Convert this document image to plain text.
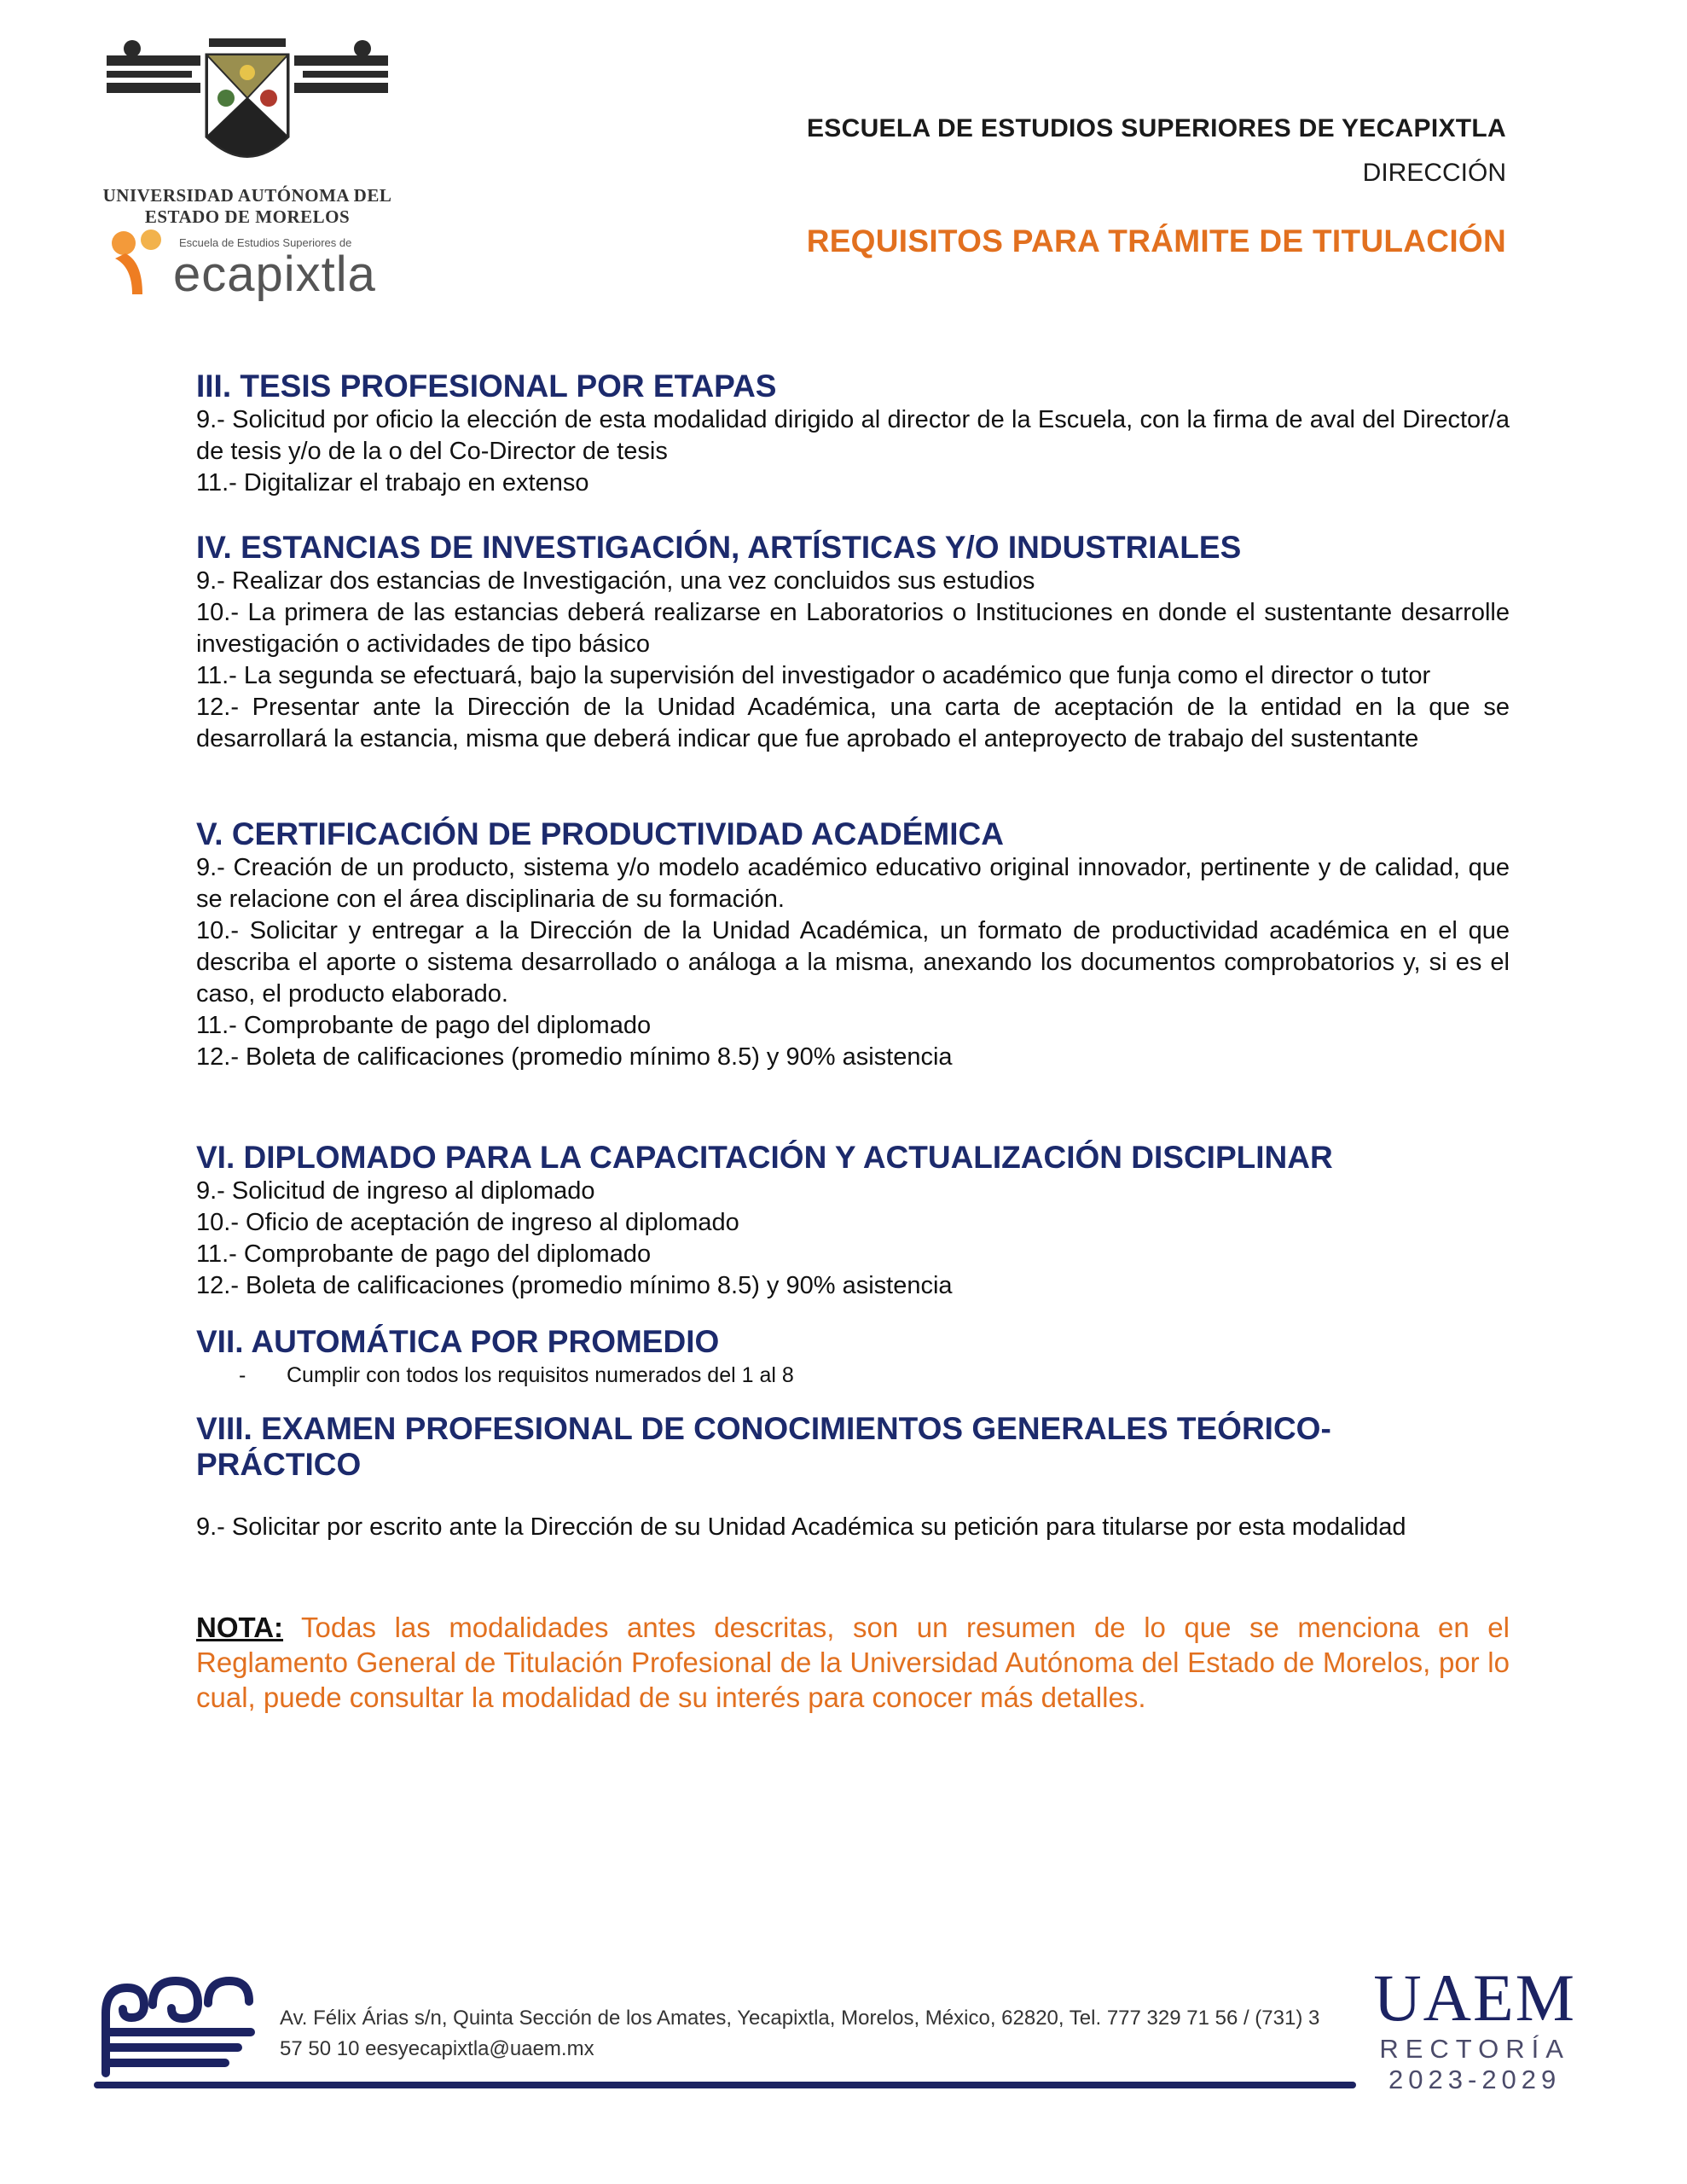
UNIVERSIDAD AUTÓNOMA DEL
ESTADO DE MORELOS
Escuela de Estudios Superiores de
ecapixtla
ESCUELA DE ESTUDIOS SUPERIORES DE YECAPIXTLA
DIRECCIÓN
REQUISITOS PARA TRÁMITE DE TITULACIÓN
III. TESIS PROFESIONAL POR ETAPAS

9.- Solicitud por oficio la elección de esta modalidad dirigido al director de la Escuela, con la firma de aval del Director/a de tesis y/o de la o del Co-Director de tesis

11.- Digitalizar el trabajo en extenso

IV. ESTANCIAS DE INVESTIGACIÓN, ARTÍSTICAS Y/O INDUSTRIALES

9.- Realizar dos estancias de Investigación, una vez concluidos sus estudios

10.- La primera de las estancias deberá realizarse en Laboratorios o Instituciones en donde el sustentante desarrolle investigación o actividades de tipo básico

11.- La segunda se efectuará, bajo la supervisión del investigador o académico que funja como el director o tutor

12.- Presentar ante la Dirección de la Unidad Académica, una carta de aceptación de la entidad en la que se desarrollará la estancia, misma que deberá indicar que fue aprobado el anteproyecto de trabajo del sustentante

V. CERTIFICACIÓN DE PRODUCTIVIDAD ACADÉMICA

9.- Creación de un producto, sistema y/o modelo académico educativo original innovador, pertinente y de calidad, que se relacione con el área disciplinaria de su formación.

10.- Solicitar y entregar a la Dirección de la Unidad Académica, un formato de productividad académica en el que describa el aporte o sistema desarrollado o análoga a la misma, anexando los documentos comprobatorios y, si es el caso, el producto elaborado.

11.- Comprobante de pago del diplomado

12.- Boleta de calificaciones (promedio mínimo 8.5) y 90% asistencia

VI. DIPLOMADO PARA LA CAPACITACIÓN Y ACTUALIZACIÓN DISCIPLINAR

9.- Solicitud de ingreso al diplomado

10.- Oficio de aceptación de ingreso al diplomado

11.- Comprobante de pago del diplomado

12.- Boleta de calificaciones (promedio mínimo 8.5) y 90% asistencia

VII. AUTOMÁTICA POR PROMEDIO
-	Cumplir con todos los requisitos numerados del 1 al 8
VIII. EXAMEN PROFESIONAL DE CONOCIMIENTOS GENERALES TEÓRICO-
PRÁCTICO

9.- Solicitar por escrito ante la Dirección de su Unidad Académica su petición para titularse por esta modalidad

NOTA: Todas las modalidades antes descritas, son un resumen de lo que se menciona en el Reglamento General de Titulación Profesional de la Universidad Autónoma del Estado de Morelos, por lo cual, puede consultar la modalidad de su interés para conocer más detalles.

Av. Félix Árias s/n, Quinta Sección de los Amates, Yecapixtla, Morelos, México, 62820, Tel. 777 329 71 56 / (731) 3 57 50 10 eesyecapixtla@uaem.mx
UAEM
RECTORÍA
2023-2029
